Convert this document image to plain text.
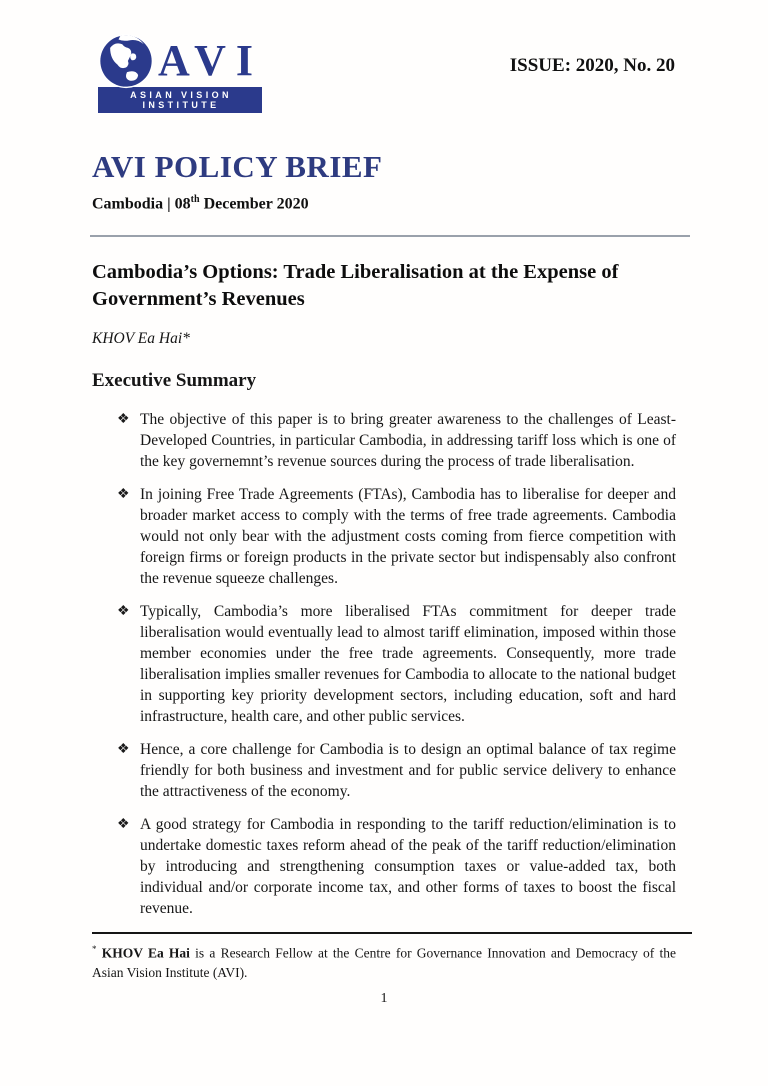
AVI
ASIAN VISION INSTITUTE
ISSUE: 2020, No. 20
AVI POLICY BRIEF

Cambodia | 08th December 2020

Cambodia’s Options: Trade Liberalisation at the Expense of Government’s Revenues

KHOV Ea Hai*

Executive Summary
❖ The objective of this paper is to bring greater awareness to the challenges of Least-Developed Countries, in particular Cambodia, in addressing tariff loss which is one of the key governemnt’s revenue sources during the process of trade liberalisation.
❖ In joining Free Trade Agreements (FTAs), Cambodia has to liberalise for deeper and broader market access to comply with the terms of free trade agreements. Cambodia would not only bear with the adjustment costs coming from fierce competition with foreign firms or foreign products in the private sector but indispensably also confront the revenue squeeze challenges.
❖ Typically, Cambodia’s more liberalised FTAs commitment for deeper trade liberalisation would eventually lead to almost tariff elimination, imposed within those member economies under the free trade agreements. Consequently, more trade liberalisation implies smaller revenues for Cambodia to allocate to the national budget in supporting key priority development sectors, including education, soft and hard infrastructure, health care, and other public services.
❖ Hence, a core challenge for Cambodia is to design an optimal balance of tax regime friendly for both business and investment and for public service delivery to enhance the attractiveness of the economy.
❖ A good strategy for Cambodia in responding to the tariff reduction/elimination is to undertake domestic taxes reform ahead of the peak of the tariff reduction/elimination by introducing and strengthening consumption taxes or value-added tax, both individual and/or corporate income tax, and other forms of taxes to boost the fiscal revenue.

* KHOV Ea Hai is a Research Fellow at the Centre for Governance Innovation and Democracy of the Asian Vision Institute (AVI).

1
